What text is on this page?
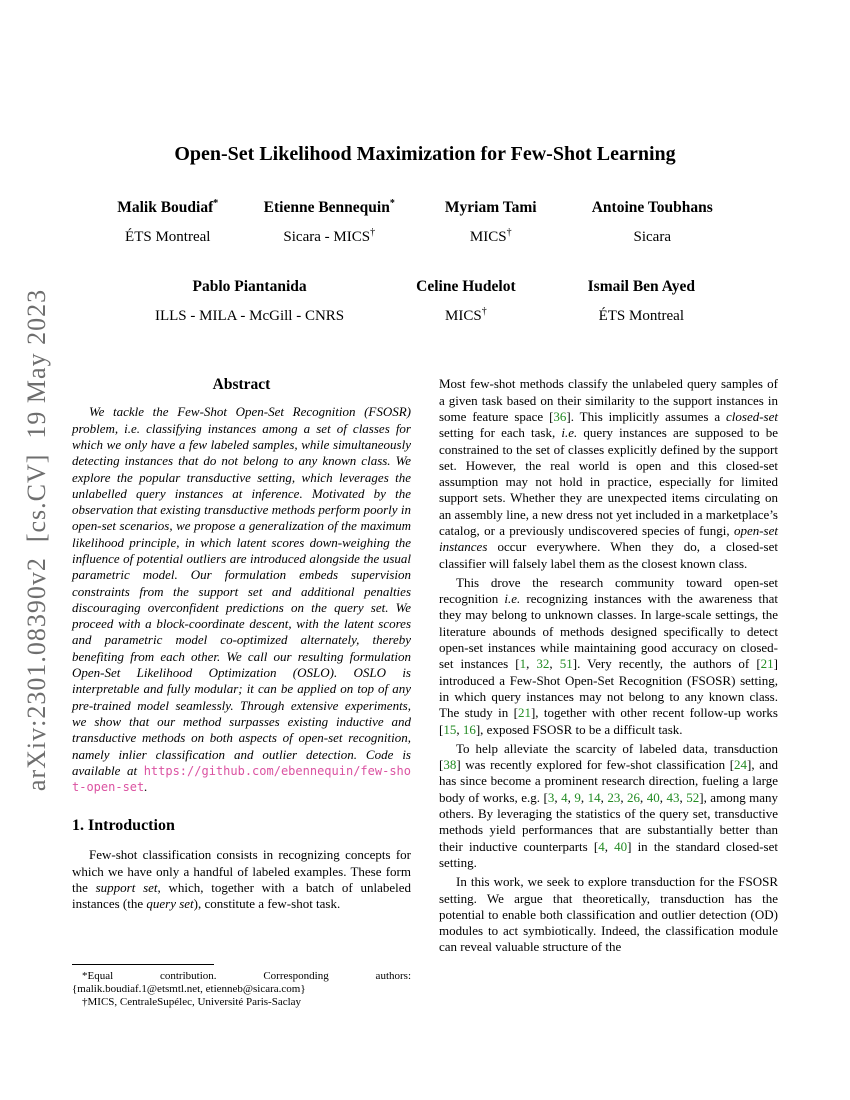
arXiv:2301.08390v2  [cs.CV]  19 May 2023
Open-Set Likelihood Maximization for Few-Shot Learning
Malik Boudiaf*
ÉTS Montreal
Etienne Bennequin*
Sicara - MICS†
Myriam Tami
MICS†
Antoine Toubhans
Sicara
Pablo Piantanida
ILLS - MILA - McGill - CNRS
Celine Hudelot
MICS†
Ismail Ben Ayed
ÉTS Montreal
Abstract

We tackle the Few-Shot Open-Set Recognition (FSOSR) problem, i.e. classifying instances among a set of classes for which we only have a few labeled samples, while simultaneously detecting instances that do not belong to any known class. We explore the popular transductive setting, which leverages the unlabelled query instances at inference. Motivated by the observation that existing transductive methods perform poorly in open-set scenarios, we propose a generalization of the maximum likelihood principle, in which latent scores down-weighing the influence of potential outliers are introduced alongside the usual parametric model. Our formulation embeds supervision constraints from the support set and additional penalties discouraging overconfident predictions on the query set. We proceed with a block-coordinate descent, with the latent scores and parametric model co-optimized alternately, thereby benefiting from each other. We call our resulting formulation Open-Set Likelihood Optimization (OSLO). OSLO is interpretable and fully modular; it can be applied on top of any pre-trained model seamlessly. Through extensive experiments, we show that our method surpasses existing inductive and transductive methods on both aspects of open-set recognition, namely inlier classification and outlier detection. Code is available at https://github.com/ebennequin/few-shot-open-set.

1. Introduction

Few-shot classification consists in recognizing concepts for which we have only a handful of labeled examples. These form the support set, which, together with a batch of unlabeled instances (the query set), constitute a few-shot task.

*Equal contribution. Corresponding authors: {malik.boudiaf.1@etsmtl.net, etienneb@sicara.com}

†MICS, CentraleSupélec, Université Paris-Saclay

Most few-shot methods classify the unlabeled query samples of a given task based on their similarity to the support instances in some feature space [36]. This implicitly assumes a closed-set setting for each task, i.e. query instances are supposed to be constrained to the set of classes explicitly defined by the support set. However, the real world is open and this closed-set assumption may not hold in practice, especially for limited support sets. Whether they are unexpected items circulating on an assembly line, a new dress not yet included in a marketplace’s catalog, or a previously undiscovered species of fungi, open-set instances occur everywhere. When they do, a closed-set classifier will falsely label them as the closest known class.

This drove the research community toward open-set recognition i.e. recognizing instances with the awareness that they may belong to unknown classes. In large-scale settings, the literature abounds of methods designed specifically to detect open-set instances while maintaining good accuracy on closed-set instances [1, 32, 51]. Very recently, the authors of [21] introduced a Few-Shot Open-Set Recognition (FSOSR) setting, in which query instances may not belong to any known class. The study in [21], together with other recent follow-up works [15, 16], exposed FSOSR to be a difficult task.

To help alleviate the scarcity of labeled data, transduction [38] was recently explored for few-shot classification [24], and has since become a prominent research direction, fueling a large body of works, e.g. [3, 4, 9, 14, 23, 26, 40, 43, 52], among many others. By leveraging the statistics of the query set, transductive methods yield performances that are substantially better than their inductive counterparts [4, 40] in the standard closed-set setting.

In this work, we seek to explore transduction for the FSOSR setting. We argue that theoretically, transduction has the potential to enable both classification and outlier detection (OD) modules to act symbiotically. Indeed, the classification module can reveal valuable structure of the
